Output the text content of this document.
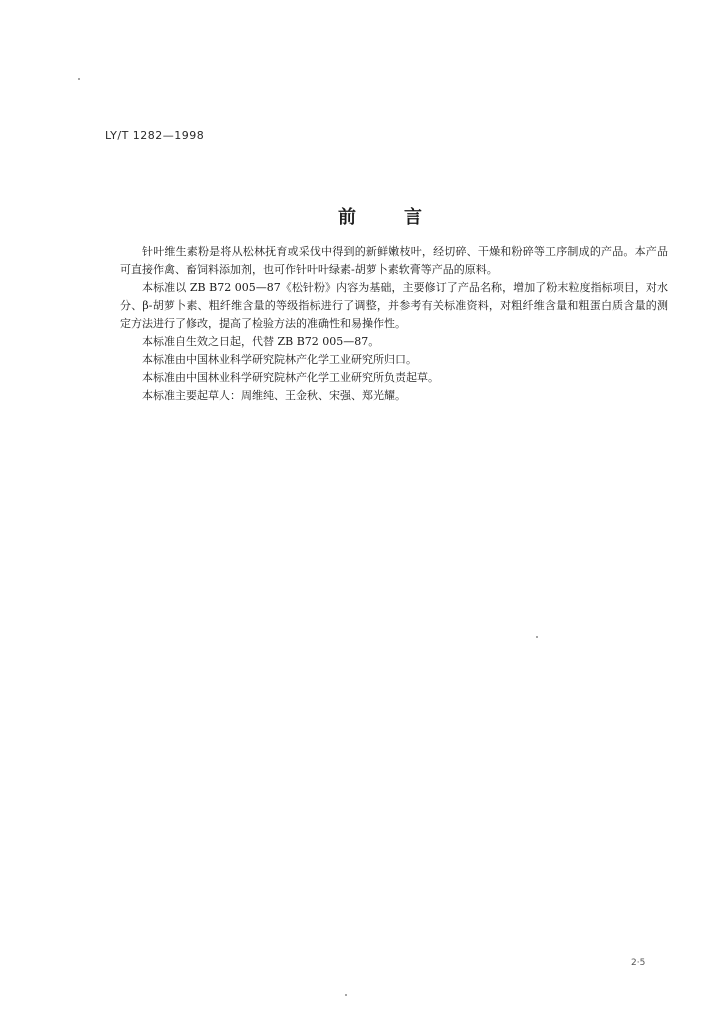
LY/T 1282—1998
前言

针叶维生素粉是将从松林抚育或采伐中得到的新鲜嫩枝叶，经切碎、干燥和粉碎等工序制成的产品。本产品可直接作禽、畜饲料添加剂，也可作针叶叶绿素-胡萝卜素软膏等产品的原料。

本标准以 ZB B72 005—87《松针粉》内容为基础，主要修订了产品名称，增加了粉末粒度指标项目，对水分、β-胡萝卜素、粗纤维含量的等级指标进行了调整，并参考有关标准资料，对粗纤维含量和粗蛋白质含量的测定方法进行了修改，提高了检验方法的准确性和易操作性。

本标准自生效之日起，代替 ZB B72 005—87。

本标准由中国林业科学研究院林产化学工业研究所归口。

本标准由中国林业科学研究院林产化学工业研究所负责起草。

本标准主要起草人：周维纯、王金秋、宋强、郑光耀。

2·5
